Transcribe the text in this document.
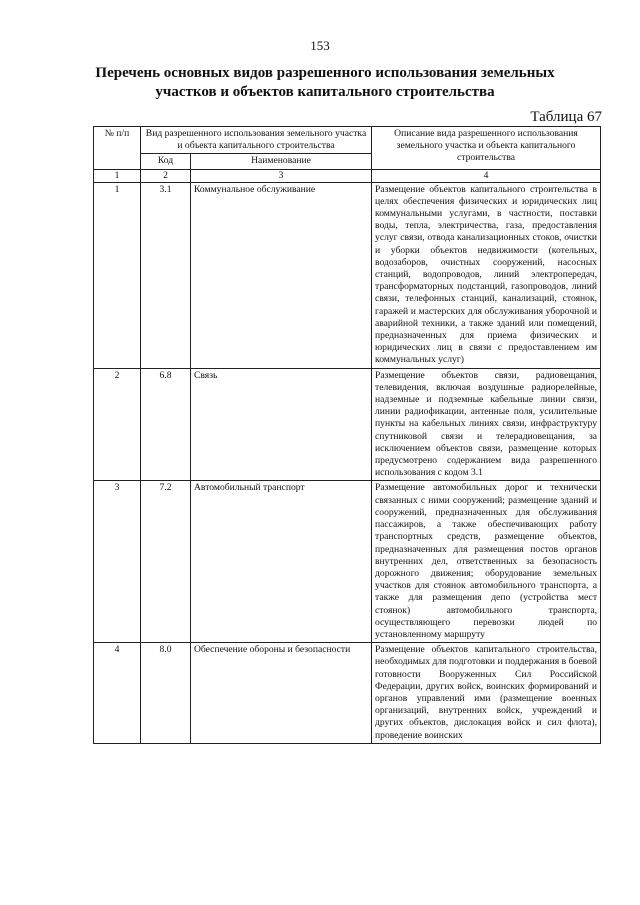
153
Перечень основных видов разрешенного использования земельных участков и объектов капитального строительства
Таблица 67
№ п/п	Вид разрешенного использования земельного участка и объекта капитального строительства		Описание вида разрешенного использования земельного участка и объекта капитального строительства
	Код	Наименование	
1	2	3	4
1	3.1	Коммунальное обслуживание	Размещение объектов капитального строительства в целях обеспечения физических и юридических лиц коммунальными услугами, в частности, поставки воды, тепла, электричества, газа, предоставления услуг связи, отвода канализационных стоков, очистки и уборки объектов недвижимости (котельных, водозаборов, очистных сооружений, насосных станций, водопроводов, линий электропередач, трансформаторных подстанций, газопроводов, линий связи, телефонных станций, канализаций, стоянок, гаражей и мастерских для обслуживания уборочной и аварийной техники, а также зданий или помещений, предназначенных для приема физических и юридических лиц в связи с предоставлением им коммунальных услуг)
2	6.8	Связь	Размещение объектов связи, радиовещания, телевидения, включая воздушные радиорелейные, надземные и подземные кабельные линии связи, линии радиофикации, антенные поля, усилительные пункты на кабельных линиях связи, инфраструктуру спутниковой связи и телерадиовещания, за исключением объектов связи, размещение которых предусмотрено содержанием вида разрешенного использования с кодом 3.1
3	7.2	Автомобильный транспорт	Размещение автомобильных дорог и технически связанных с ними сооружений; размещение зданий и сооружений, предназначенных для обслуживания пассажиров, а также обеспечивающих работу транспортных средств, размещение объектов, предназначенных для размещения постов органов внутренних дел, ответственных за безопасность дорожного движения; оборудование земельных участков для стоянок автомобильного транспорта, а также для размещения депо (устройства мест стоянок) автомобильного транспорта, осуществляющего перевозки людей по установленному маршруту
4	8.0	Обеспечение обороны и безопасности	Размещение объектов капитального строительства, необходимых для подготовки и поддержания в боевой готовности Вооруженных Сил Российской Федерации, других войск, воинских формирований и органов управлений ими (размещение военных организаций, внутренних войск, учреждений и других объектов, дислокация войск и сил флота), проведение воинских
